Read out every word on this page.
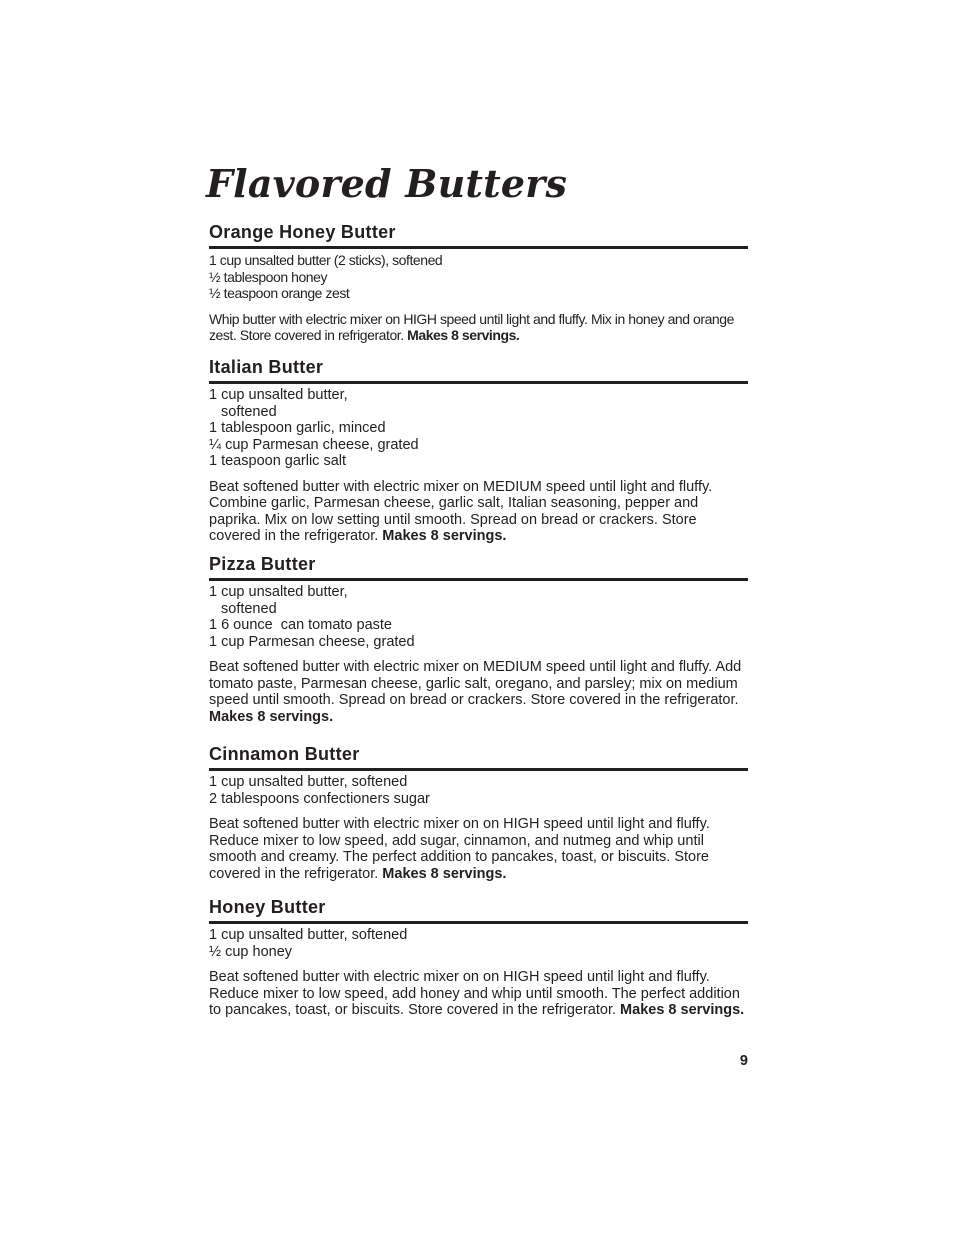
Flavored Butters
Orange Honey Butter
1 cup unsalted butter (2 sticks), softened
½ tablespoon honey
½ teaspoon orange zest

Whip butter with electric mixer on HIGH speed until light and fluffy. Mix in honey and orange zest. Store covered in refrigerator. Makes 8 servings.

Italian Butter
1 cup unsalted butter,
softened
1 tablespoon garlic, minced
¼ cup Parmesan cheese, grated
1 teaspoon garlic salt

Beat softened butter with electric mixer on MEDIUM speed until light and fluffy. Combine garlic, Parmesan cheese, garlic salt, Italian seasoning, pepper and paprika. Mix on low setting until smooth. Spread on bread or crackers. Store covered in the refrigerator. Makes 8 servings.

Pizza Butter
1 cup unsalted butter,
softened
1 6 ounce  can tomato paste
1 cup Parmesan cheese, grated

Beat softened butter with electric mixer on MEDIUM speed until light and fluffy. Add tomato paste, Parmesan cheese, garlic salt, oregano, and parsley; mix on medium speed until smooth. Spread on bread or crackers. Store covered in the refrigerator. Makes 8 servings.

Cinnamon Butter
1 cup unsalted butter, softened
2 tablespoons confectioners sugar

Beat softened butter with electric mixer on on HIGH speed until light and fluffy. Reduce mixer to low speed, add sugar, cinnamon, and nutmeg and whip until smooth and creamy. The perfect addition to pancakes, toast, or biscuits. Store covered in the refrigerator. Makes 8 servings.

Honey Butter
1 cup unsalted butter, softened
½ cup honey

Beat softened butter with electric mixer on on HIGH speed until light and fluffy. Reduce mixer to low speed, add honey and whip until smooth. The perfect addition to pancakes, toast, or biscuits. Store covered in the refrigerator. Makes 8 servings.

9
